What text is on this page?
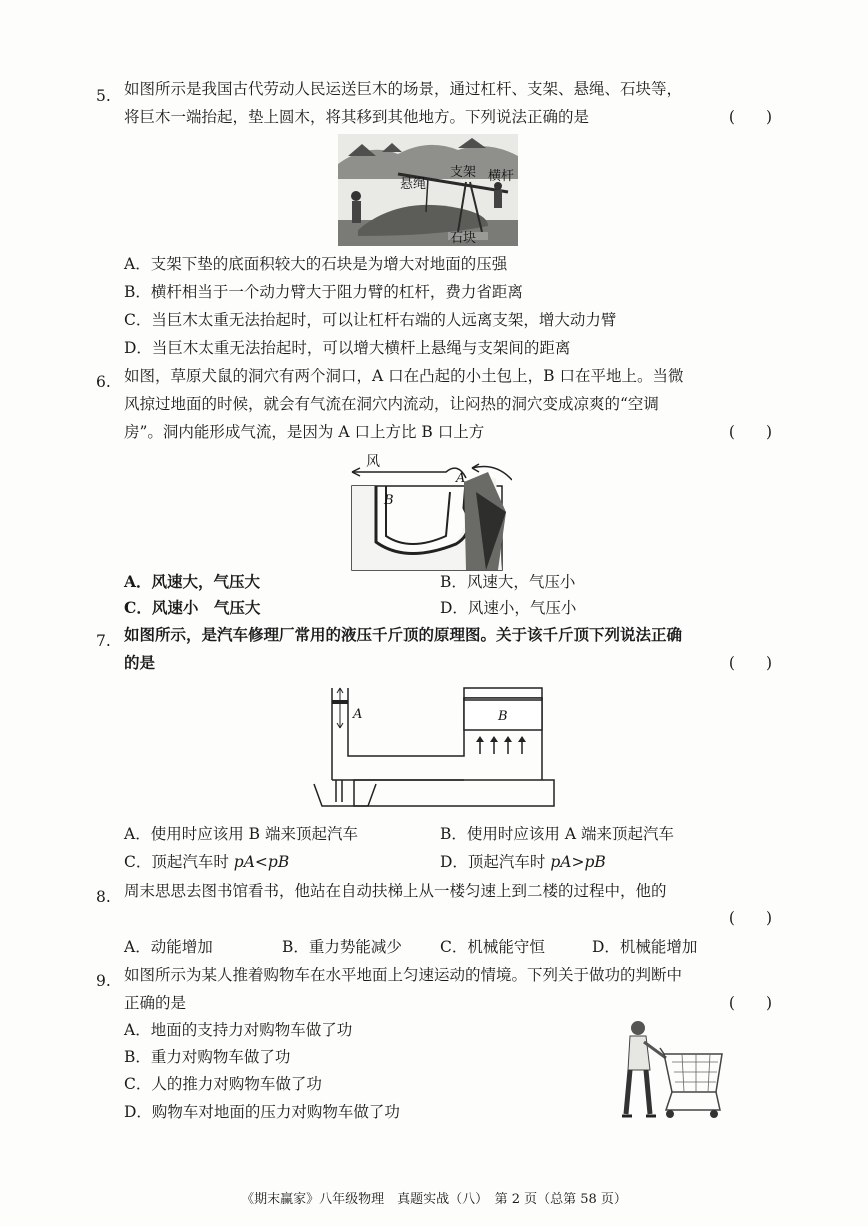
5. 如图所示是我国古代劳动人民运送巨木的场景，通过杠杆、支架、悬绳、石块等，
将巨木一端抬起，垫上圆木，将其移到其他地方。下列说法正确的是	(　　)
支架 横杆
悬绳
石块
A．支架下垫的底面积较大的石块是为增大对地面的压强
B．横杆相当于一个动力臂大于阻力臂的杠杆，费力省距离
C．当巨木太重无法抬起时，可以让杠杆右端的人远离支架，增大动力臂
D．当巨木太重无法抬起时，可以增大横杆上悬绳与支架间的距离
6. 如图，草原犬鼠的洞穴有两个洞口，A 口在凸起的小土包上，B 口在平地上。当微
风掠过地面的时候，就会有气流在洞穴内流动，让闷热的洞穴变成凉爽的“空调
房”。洞内能形成气流，是因为 A 口上方比 B 口上方	(　　)
风
A
B
A．风速大，气压大	B．风速大，气压小
C．风速小　气压大	D．风速小，气压小
7. 如图所示，是汽车修理厂常用的液压千斤顶的原理图。关于该千斤顶下列说法正确
的是	(　　)
A	B
A．使用时应该用 B 端来顶起汽车	B．使用时应该用 A 端来顶起汽车
C．顶起汽车时 pA<pB	D．顶起汽车时 pA>pB
8. 周末思思去图书馆看书，他站在自动扶梯上从一楼匀速上到二楼的过程中，他的
(　　)
A．动能增加	B．重力势能减少 C．机械能守恒	D．机械能增加
9. 如图所示为某人推着购物车在水平地面上匀速运动的情境。下列关于做功的判断中
正确的是	(　　)
A．地面的支持力对购物车做了功
B．重力对购物车做了功
C．人的推力对购物车做了功
D．购物车对地面的压力对购物车做了功
《期末赢家》八年级物理　真题实战（八）　第 2 页（总第 58 页）
